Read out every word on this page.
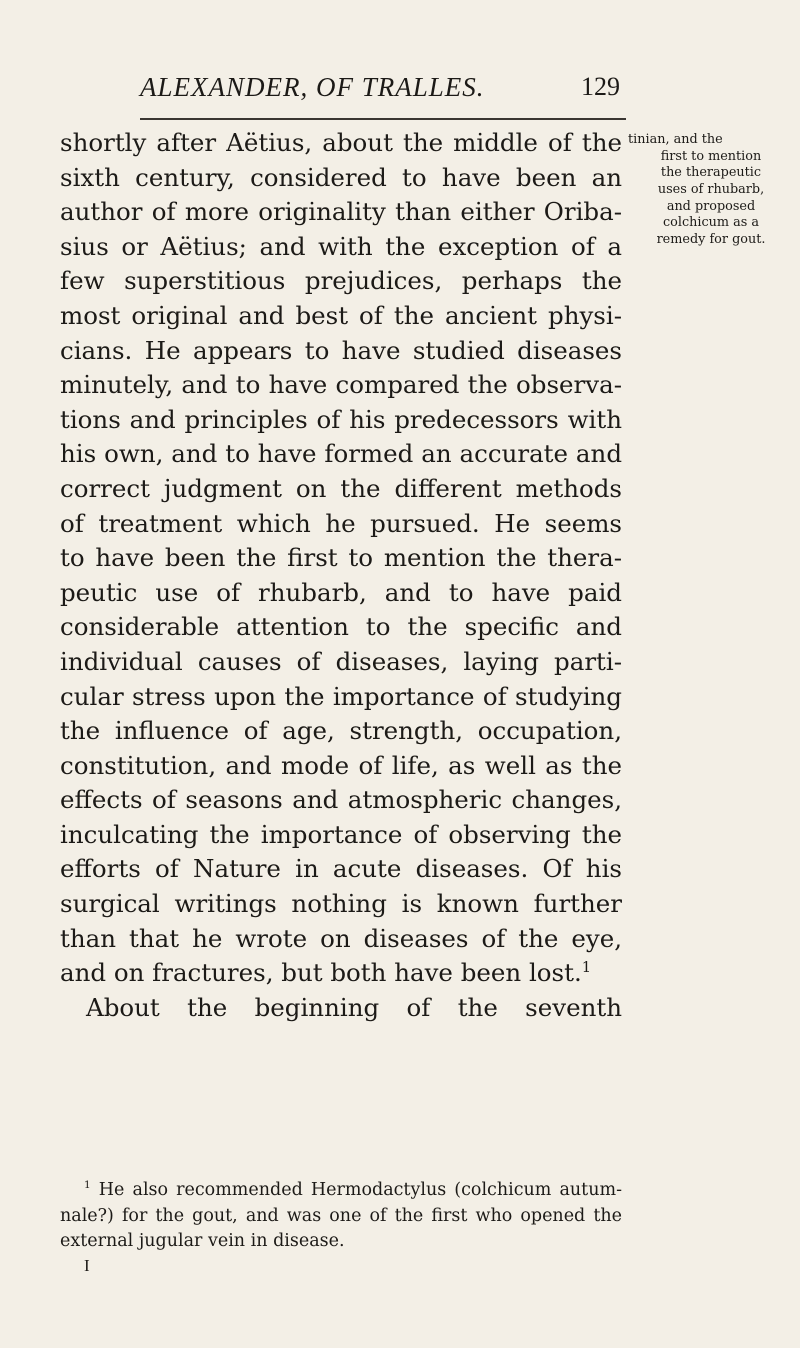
ALEXANDER, OF TRALLES.	129
shortly after Aëtius, about the middle of the
sixth century, considered to have been an
author of more originality than either Oriba-
sius or Aëtius; and with the exception of a
few superstitious prejudices, perhaps the
most original and best of the ancient physi-
cians. He appears to have studied diseases
minutely, and to have compared the observa-
tions and principles of his predecessors with
his own, and to have formed an accurate and
correct judgment on the different methods
of treatment which he pursued. He seems
to have been the first to mention the thera-
peutic use of rhubarb, and to have paid
considerable attention to the specific and
individual causes of diseases, laying parti-
cular stress upon the importance of studying
the influence of age, strength, occupation,
constitution, and mode of life, as well as the
effects of seasons and atmospheric changes,
inculcating the importance of observing the
efforts of Nature in acute diseases. Of his
surgical writings nothing is known further
than that he wrote on diseases of the eye,
and on fractures, but both have been lost.$^1$
About the beginning of the seventh
tinian, and the
first to mention
the therapeutic
uses of rhubarb,
and proposed
colchicum as a
remedy for gout.
$^1$ He also recommended Hermodactylus (colchicum autum-
nale?) for the gout, and was one of the first who opened the
external jugular vein in disease.
I
